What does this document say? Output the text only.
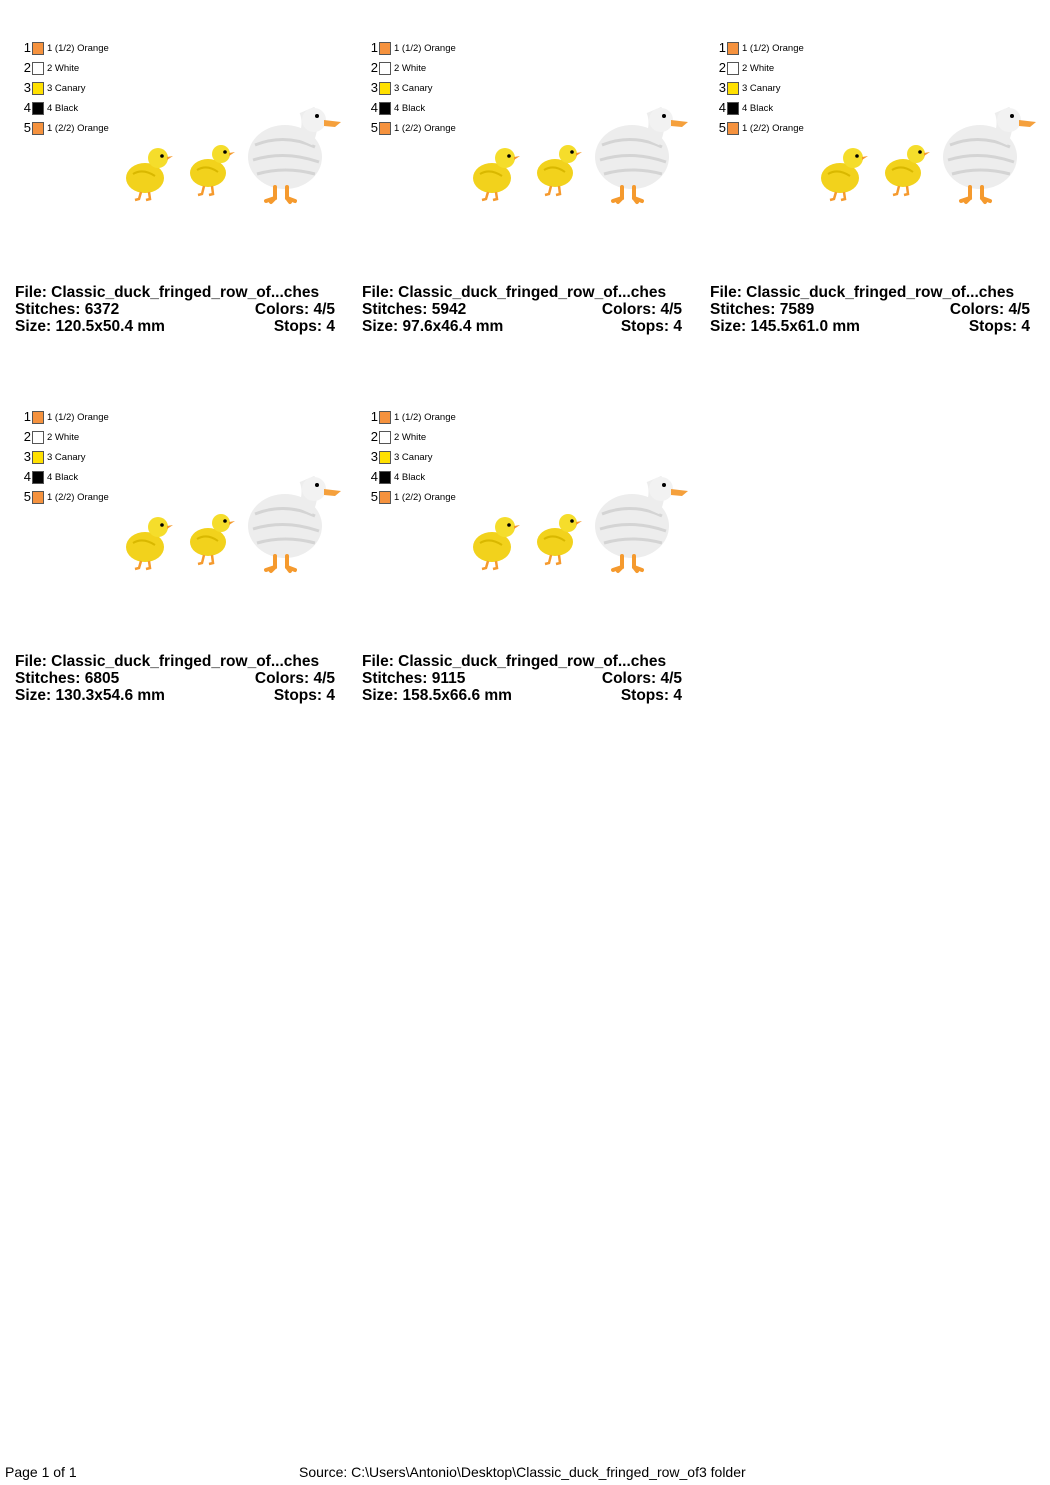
1 1 (1/2) Orange
2 2 White
3 3 Canary
4 4 Black
5 1 (2/2) Orange
File: Classic_duck_fringed_row_of...ches
Stitches: 6372	Colors: 4/5
Size: 120.5x50.4 mm	Stops: 4
1 1 (1/2) Orange
2 2 White
3 3 Canary
4 4 Black
5 1 (2/2) Orange
File: Classic_duck_fringed_row_of...ches
Stitches: 5942	Colors: 4/5
Size: 97.6x46.4 mm	Stops: 4
1 1 (1/2) Orange
2 2 White
3 3 Canary
4 4 Black
5 1 (2/2) Orange
File: Classic_duck_fringed_row_of...ches
Stitches: 7589	Colors: 4/5
Size: 145.5x61.0 mm	Stops: 4
1 1 (1/2) Orange
2 2 White
3 3 Canary
4 4 Black
5 1 (2/2) Orange
File: Classic_duck_fringed_row_of...ches
Stitches: 6805	Colors: 4/5
Size: 130.3x54.6 mm	Stops: 4
1 1 (1/2) Orange
2 2 White
3 3 Canary
4 4 Black
5 1 (2/2) Orange
File: Classic_duck_fringed_row_of...ches
Stitches: 9115	Colors: 4/5
Size: 158.5x66.6 mm	Stops: 4
Page 1 of 1	Source: C:\Users\Antonio\Desktop\Classic_duck_fringed_row_of3 folder
